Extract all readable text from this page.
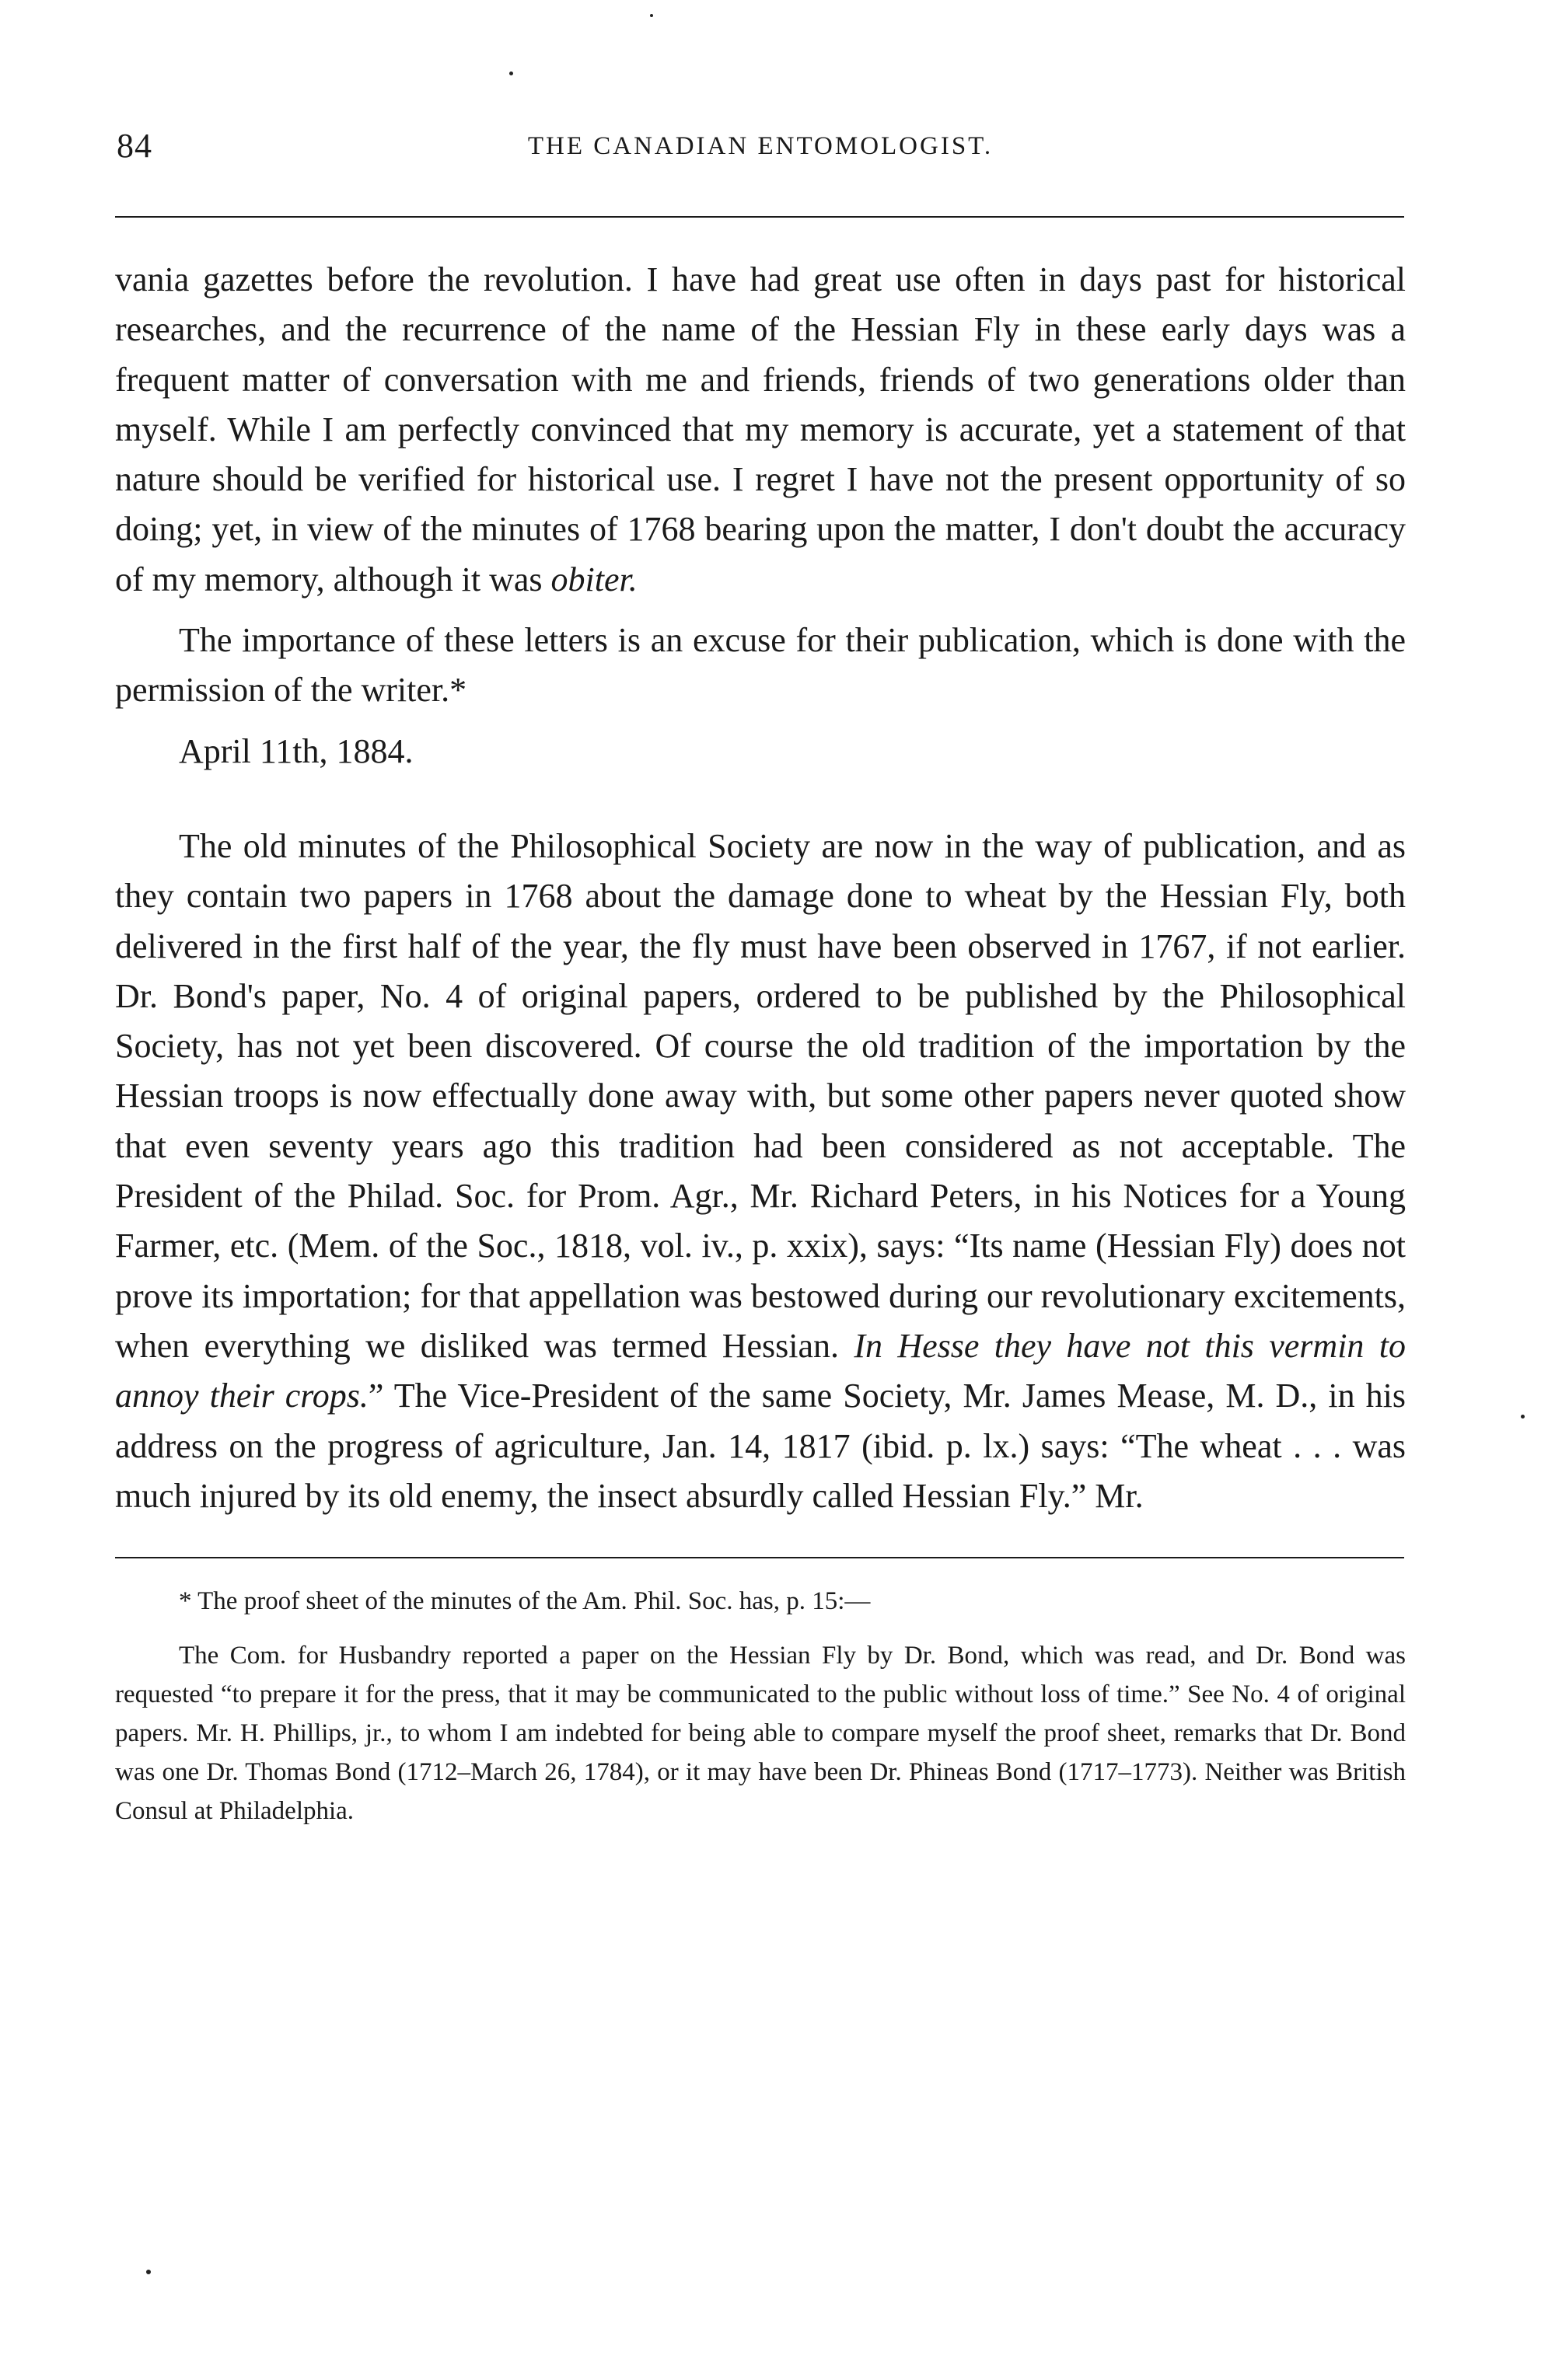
84	THE CANADIAN ENTOMOLOGIST.

vania gazettes before the revolution. I have had great use often in days past for historical researches, and the recurrence of the name of the Hessian Fly in these early days was a frequent matter of conversation with me and friends, friends of two generations older than myself. While I am perfectly convinced that my memory is accurate, yet a statement of that nature should be verified for historical use. I regret I have not the present opportunity of so doing; yet, in view of the minutes of 1768 bearing upon the matter, I don't doubt the accuracy of my memory, although it was obiter.

The importance of these letters is an excuse for their publication, which is done with the permission of the writer.*

April 11th, 1884.

The old minutes of the Philosophical Society are now in the way of publication, and as they contain two papers in 1768 about the damage done to wheat by the Hessian Fly, both delivered in the first half of the year, the fly must have been observed in 1767, if not earlier. Dr. Bond's paper, No. 4 of original papers, ordered to be published by the Philosophical Society, has not yet been discovered. Of course the old tradition of the importation by the Hessian troops is now effectually done away with, but some other papers never quoted show that even seventy years ago this tradition had been considered as not acceptable. The President of the Philad. Soc. for Prom. Agr., Mr. Richard Peters, in his Notices for a Young Farmer, etc. (Mem. of the Soc., 1818, vol. iv., p. xxix), says: “Its name (Hessian Fly) does not prove its importation; for that appellation was bestowed during our revolutionary excitements, when everything we disliked was termed Hessian. In Hesse they have not this vermin to annoy their crops.” The Vice-President of the same Society, Mr. James Mease, M. D., in his address on the progress of agriculture, Jan. 14, 1817 (ibid. p. lx.) says: “The wheat . . . was much injured by its old enemy, the insect absurdly called Hessian Fly.” Mr.

* The proof sheet of the minutes of the Am. Phil. Soc. has, p. 15:—

The Com. for Husbandry reported a paper on the Hessian Fly by Dr. Bond, which was read, and Dr. Bond was requested “to prepare it for the press, that it may be communicated to the public without loss of time.” See No. 4 of original papers. Mr. H. Phillips, jr., to whom I am indebted for being able to compare myself the proof sheet, remarks that Dr. Bond was one Dr. Thomas Bond (1712–March 26, 1784), or it may have been Dr. Phineas Bond (1717–1773). Neither was British Consul at Philadelphia.
